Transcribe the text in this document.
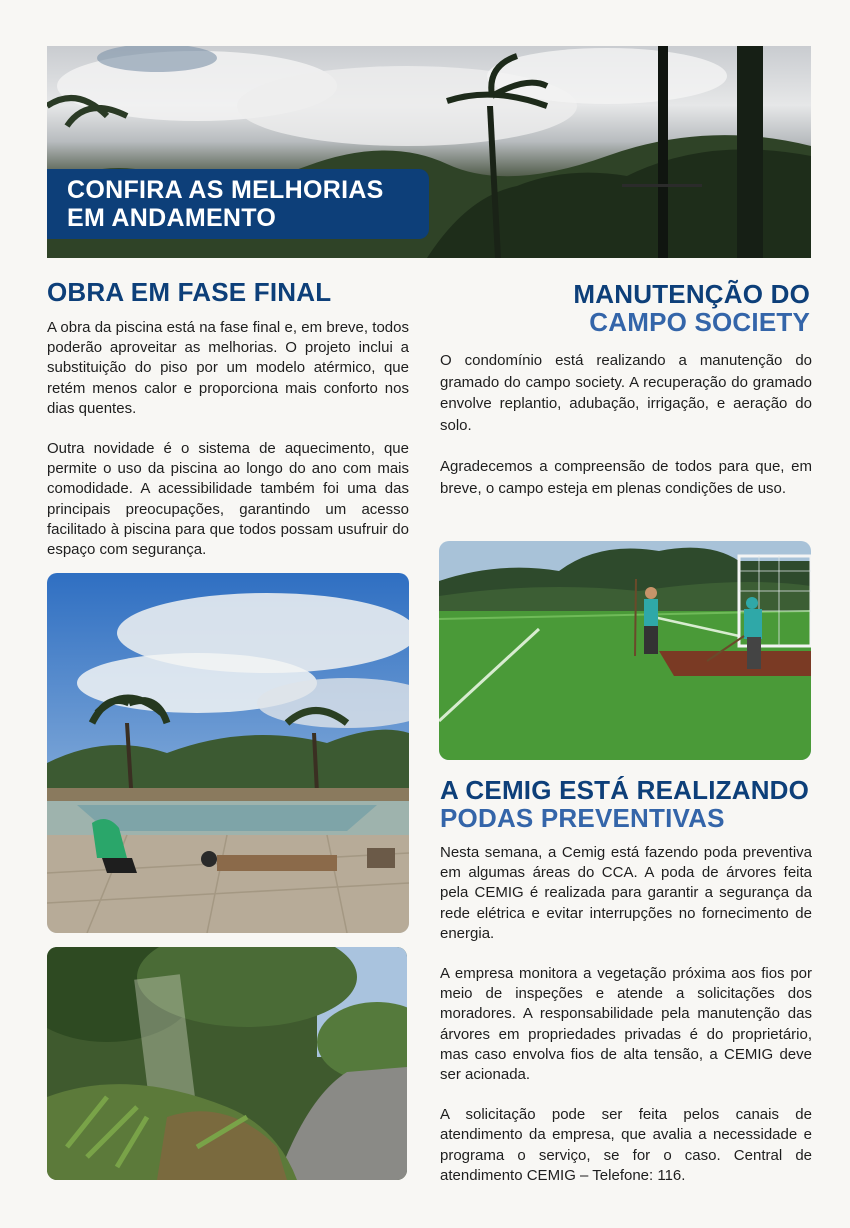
CONFIRA AS MELHORIAS
EM ANDAMENTO
OBRA EM FASE FINAL

A obra da piscina está na fase final e, em breve, todos poderão aproveitar as melhorias. O projeto inclui a substituição do piso por um modelo atérmico, que retém menos calor e proporciona mais conforto nos dias quentes.

Outra novidade é o sistema de aquecimento, que permite o uso da piscina ao longo do ano com mais comodidade. A acessibilidade também foi uma das principais preocupações, garantindo um acesso facilitado à piscina para que todos possam usufruir do espaço com segurança.

MANUTENÇÃO DO
CAMPO SOCIETY

O condomínio está realizando a manutenção do gramado do campo society. A recuperação do gramado envolve replantio, adubação, irrigação, e aeração do solo.

Agradecemos a compreensão de todos para que, em breve, o campo esteja em plenas condições de uso.

A CEMIG ESTÁ REALIZANDO
PODAS PREVENTIVAS

Nesta semana, a Cemig está fazendo poda preventiva em algumas áreas do CCA. A poda de árvores feita pela CEMIG é realizada para garantir a segurança da rede elétrica e evitar interrupções no fornecimento de energia.

A empresa monitora a vegetação próxima aos fios por meio de inspeções e atende a solicitações dos moradores. A responsabilidade pela manutenção das árvores em propriedades privadas é do proprietário, mas caso envolva fios de alta tensão, a CEMIG deve ser acionada.

A solicitação pode ser feita pelos canais de atendimento da empresa, que avalia a necessidade e programa o serviço, se for o caso. Central de atendimento CEMIG – Telefone: 116.
